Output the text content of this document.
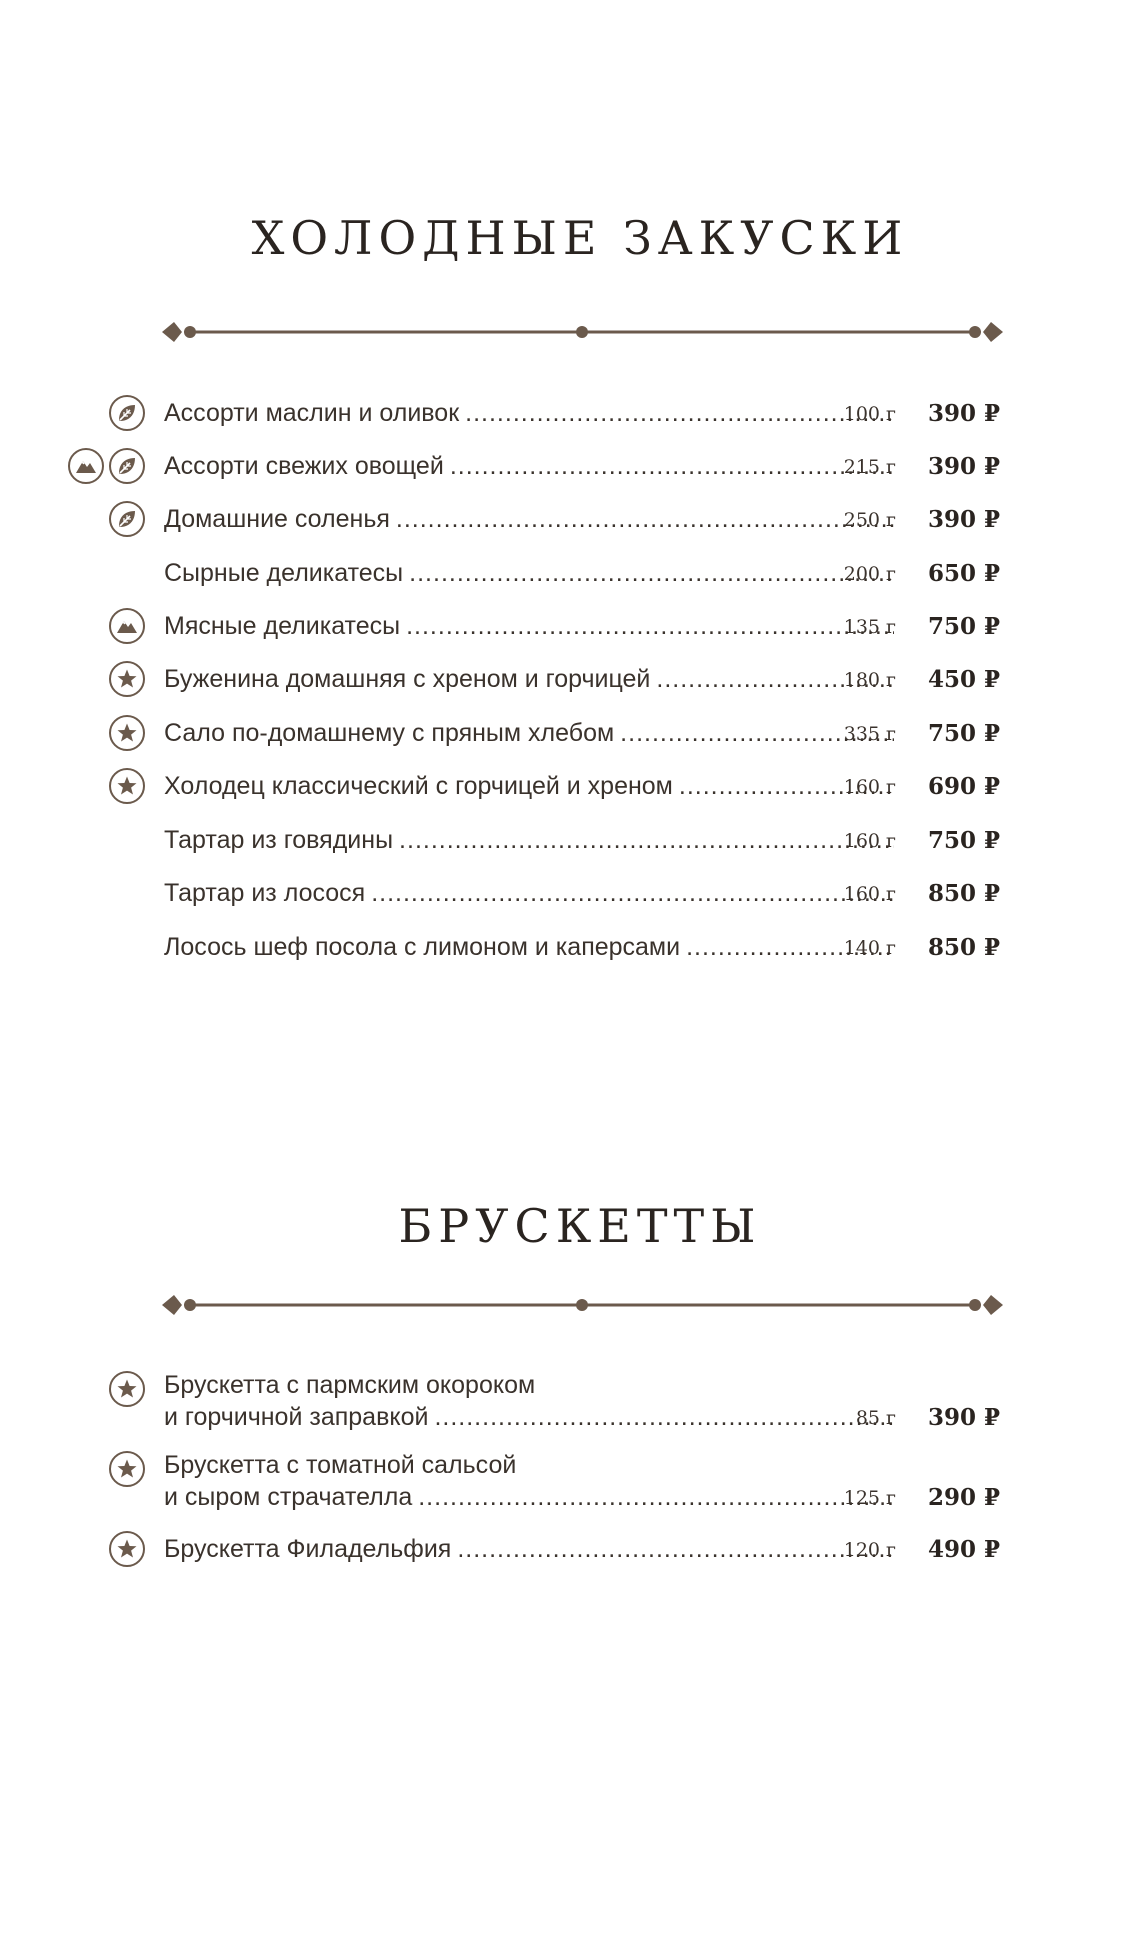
ХОЛОДНЫЕ ЗАКУСКИ
Ассорти маслин и оливок .....	100 г	390 ₽
Ассорти свежих овощей .....	215 г	390 ₽
Домашние соленья .....	250 г	390 ₽
Сырные деликатесы .....	200 г	650 ₽
Мясные деликатесы .....	135 г	750 ₽
Буженина домашняя с хреном и горчицей .....	180 г	450 ₽
Сало по-домашнему с пряным хлебом .....	335 г	750 ₽
Холодец классический с горчицей и хреном .....	160 г	690 ₽
Тартар из говядины .....	160 г	750 ₽
Тартар из лосося .....	160 г	850 ₽
Лосось шеф посола с лимоном и каперсами .....	140 г	850 ₽
БРУСКЕТТЫ
Брускетта с пармским окороком
и горчичной заправкой .....	85 г	390 ₽
Брускетта с томатной сальсой
и сыром страчателла .....	125 г	290 ₽
Брускетта Филадельфия .....	120 г	490 ₽
